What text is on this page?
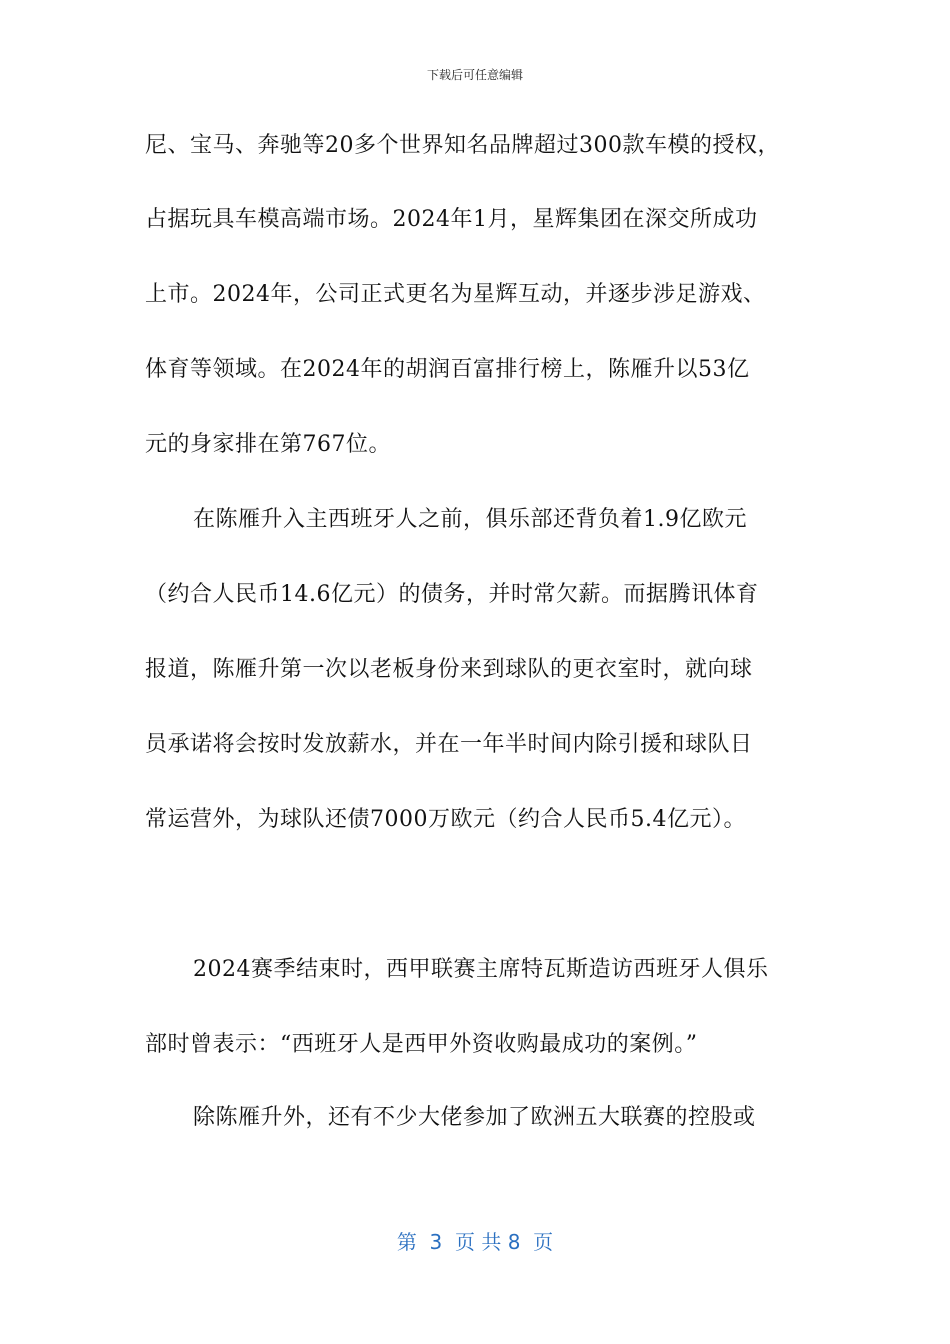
下载后可任意编辑
尼、宝马、奔驰等20多个世界知名品牌超过300款车模的授权，
占据玩具车模高端市场。2024年1月，星辉集团在深交所成功
上市。2024年，公司正式更名为星辉互动，并逐步涉足游戏、
体育等领域。在2024年的胡润百富排行榜上，陈雁升以53亿
元的身家排在第767位。
在陈雁升入主西班牙人之前，俱乐部还背负着1.9亿欧元
（约合人民币14.6亿元）的债务，并时常欠薪。而据腾讯体育
报道，陈雁升第一次以老板身份来到球队的更衣室时，就向球
员承诺将会按时发放薪水，并在一年半时间内除引援和球队日
常运营外，为球队还债7000万欧元（约合人民币5.4亿元）。
2024赛季结束时，西甲联赛主席特瓦斯造访西班牙人俱乐
部时曾表示：“西班牙人是西甲外资收购最成功的案例。”
除陈雁升外，还有不少大佬参加了欧洲五大联赛的控股或
第  3  页 共 8  页
